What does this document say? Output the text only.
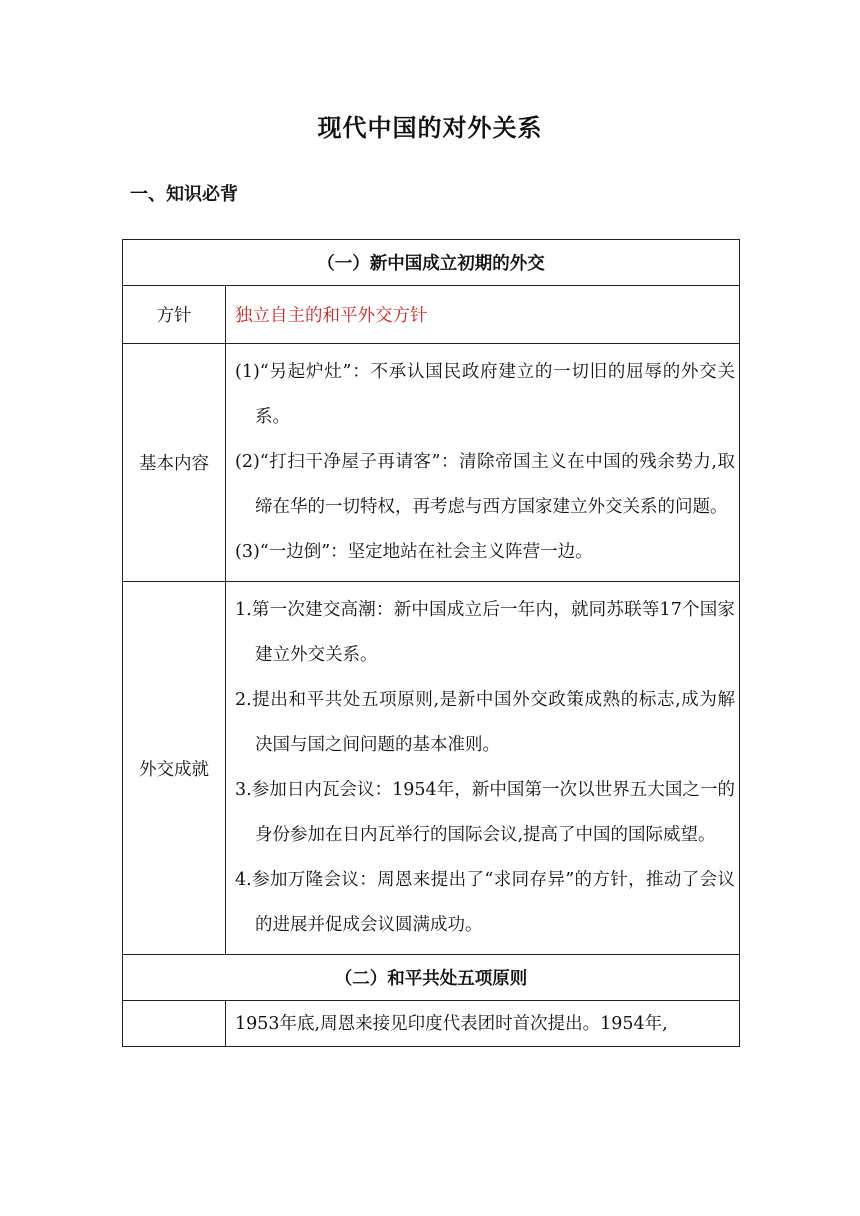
现代中国的对外关系
一、知识必背
（一）新中国成立初期的外交	
方针	独立自主的和平外交方针
基本内容	(1)“另起炉灶”：不承认国民政府建立的一切旧的屈辱的外交关系。
(2)“打扫干净屋子再请客”：清除帝国主义在中国的残余势力,取缔在华的一切特权，再考虑与西方国家建立外交关系的问题。
(3)“一边倒”：坚定地站在社会主义阵营一边。

外交成就	1.第一次建交高潮：新中国成立后一年内，就同苏联等17个国家建立外交关系。
2.提出和平共处五项原则,是新中国外交政策成熟的标志,成为解决国与国之间问题的基本准则。
3.参加日内瓦会议：1954年，新中国第一次以世界五大国之一的身份参加在日内瓦举行的国际会议,提高了中国的国际威望。
4.参加万隆会议：周恩来提出了“求同存异”的方针，推动了会议的进展并促成会议圆满成功。

（二）和平共处五项原则	

	1953年底,周恩来接见印度代表团时首次提出。1954年,
